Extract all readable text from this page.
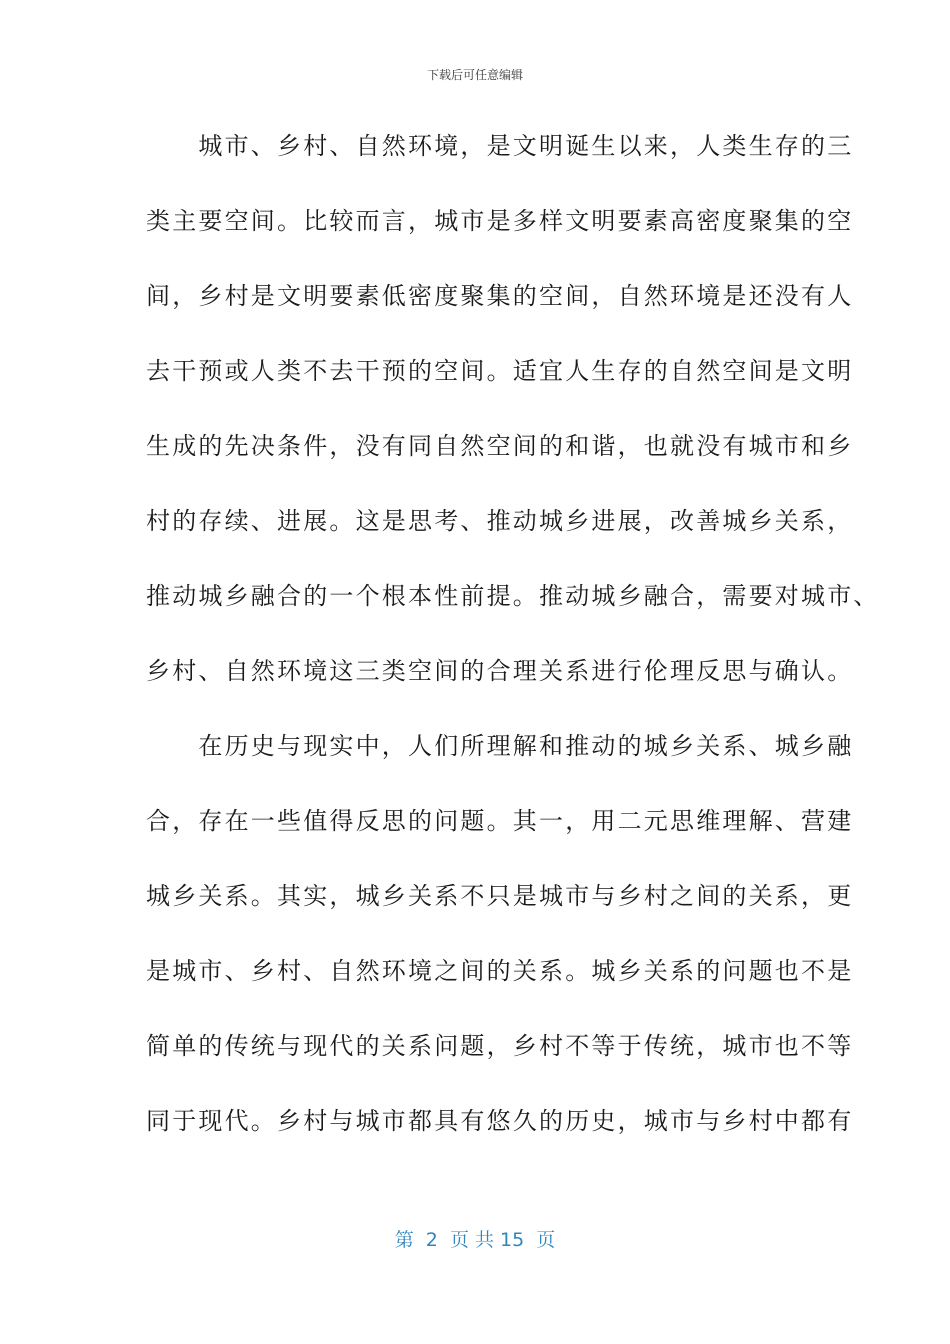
下载后可任意编辑
　　城市、乡村、自然环境，是文明诞生以来，人类生存的三
类主要空间。比较而言，城市是多样文明要素高密度聚集的空
间，乡村是文明要素低密度聚集的空间，自然环境是还没有人
去干预或人类不去干预的空间。适宜人生存的自然空间是文明
生成的先决条件，没有同自然空间的和谐，也就没有城市和乡
村的存续、进展。这是思考、推动城乡进展，改善城乡关系，
推动城乡融合的一个根本性前提。推动城乡融合，需要对城市、
乡村、自然环境这三类空间的合理关系进行伦理反思与确认。
　　在历史与现实中，人们所理解和推动的城乡关系、城乡融
合，存在一些值得反思的问题。其一，用二元思维理解、营建
城乡关系。其实，城乡关系不只是城市与乡村之间的关系，更
是城市、乡村、自然环境之间的关系。城乡关系的问题也不是
简单的传统与现代的关系问题，乡村不等于传统，城市也不等
同于现代。乡村与城市都具有悠久的历史，城市与乡村中都有
第  2  页 共 15  页
